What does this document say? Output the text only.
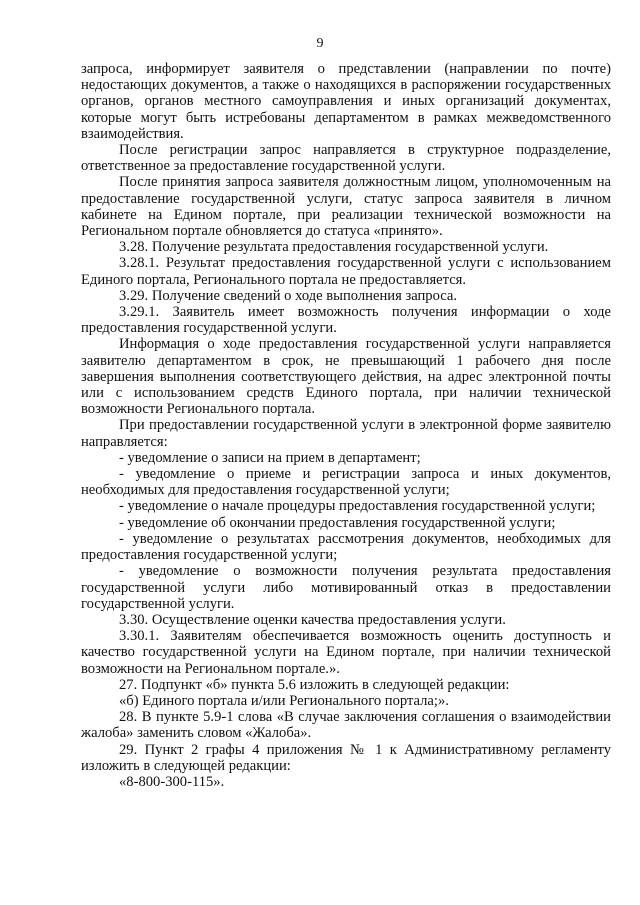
9

запроса, информирует заявителя о представлении (направлении по почте) недостающих документов, а также о находящихся в распоряжении государственных органов, органов местного самоуправления и иных организаций документах, которые могут быть истребованы департаментом в рамках межведомственного взаимодействия.

После регистрации запрос направляется в структурное подразделение, ответственное за предоставление государственной услуги.

После принятия запроса заявителя должностным лицом, уполномоченным на предоставление государственной услуги, статус запроса заявителя в личном кабинете на Едином портале, при реализации технической возможности на Региональном портале обновляется до статуса «принято».

3.28. Получение результата предоставления государственной услуги.

3.28.1. Результат предоставления государственной услуги с использованием Единого портала, Регионального портала не предоставляется.

3.29. Получение сведений о ходе выполнения запроса.

3.29.1. Заявитель имеет возможность получения информации о ходе предоставления государственной услуги.

Информация о ходе предоставления государственной услуги направляется заявителю департаментом в срок, не превышающий 1 рабочего дня после завершения выполнения соответствующего действия, на адрес электронной почты или с использованием средств Единого портала, при наличии технической возможности Регионального портала.

При предоставлении государственной услуги в электронной форме заявителю направляется:

- уведомление о записи на прием в департамент;

- уведомление о приеме и регистрации запроса и иных документов, необходимых для предоставления государственной услуги;

- уведомление о начале процедуры предоставления государственной услуги;

- уведомление об окончании предоставления государственной услуги;

- уведомление о результатах рассмотрения документов, необходимых для предоставления государственной услуги;

- уведомление о возможности получения результата предоставления государственной услуги либо мотивированный отказ в предоставлении государственной услуги.

3.30. Осуществление оценки качества предоставления услуги.

3.30.1. Заявителям обеспечивается возможность оценить доступность и качество государственной услуги на Едином портале, при наличии технической возможности на Региональном портале.».

27. Подпункт «б» пункта 5.6 изложить в следующей редакции:

«б) Единого портала и/или Регионального портала;».

28. В пункте 5.9-1 слова «В случае заключения соглашения о взаимодействии жалоба» заменить словом «Жалоба».

29. Пункт 2 графы 4 приложения № 1 к Административному регламенту изложить в следующей редакции:

«8-800-300-115».
